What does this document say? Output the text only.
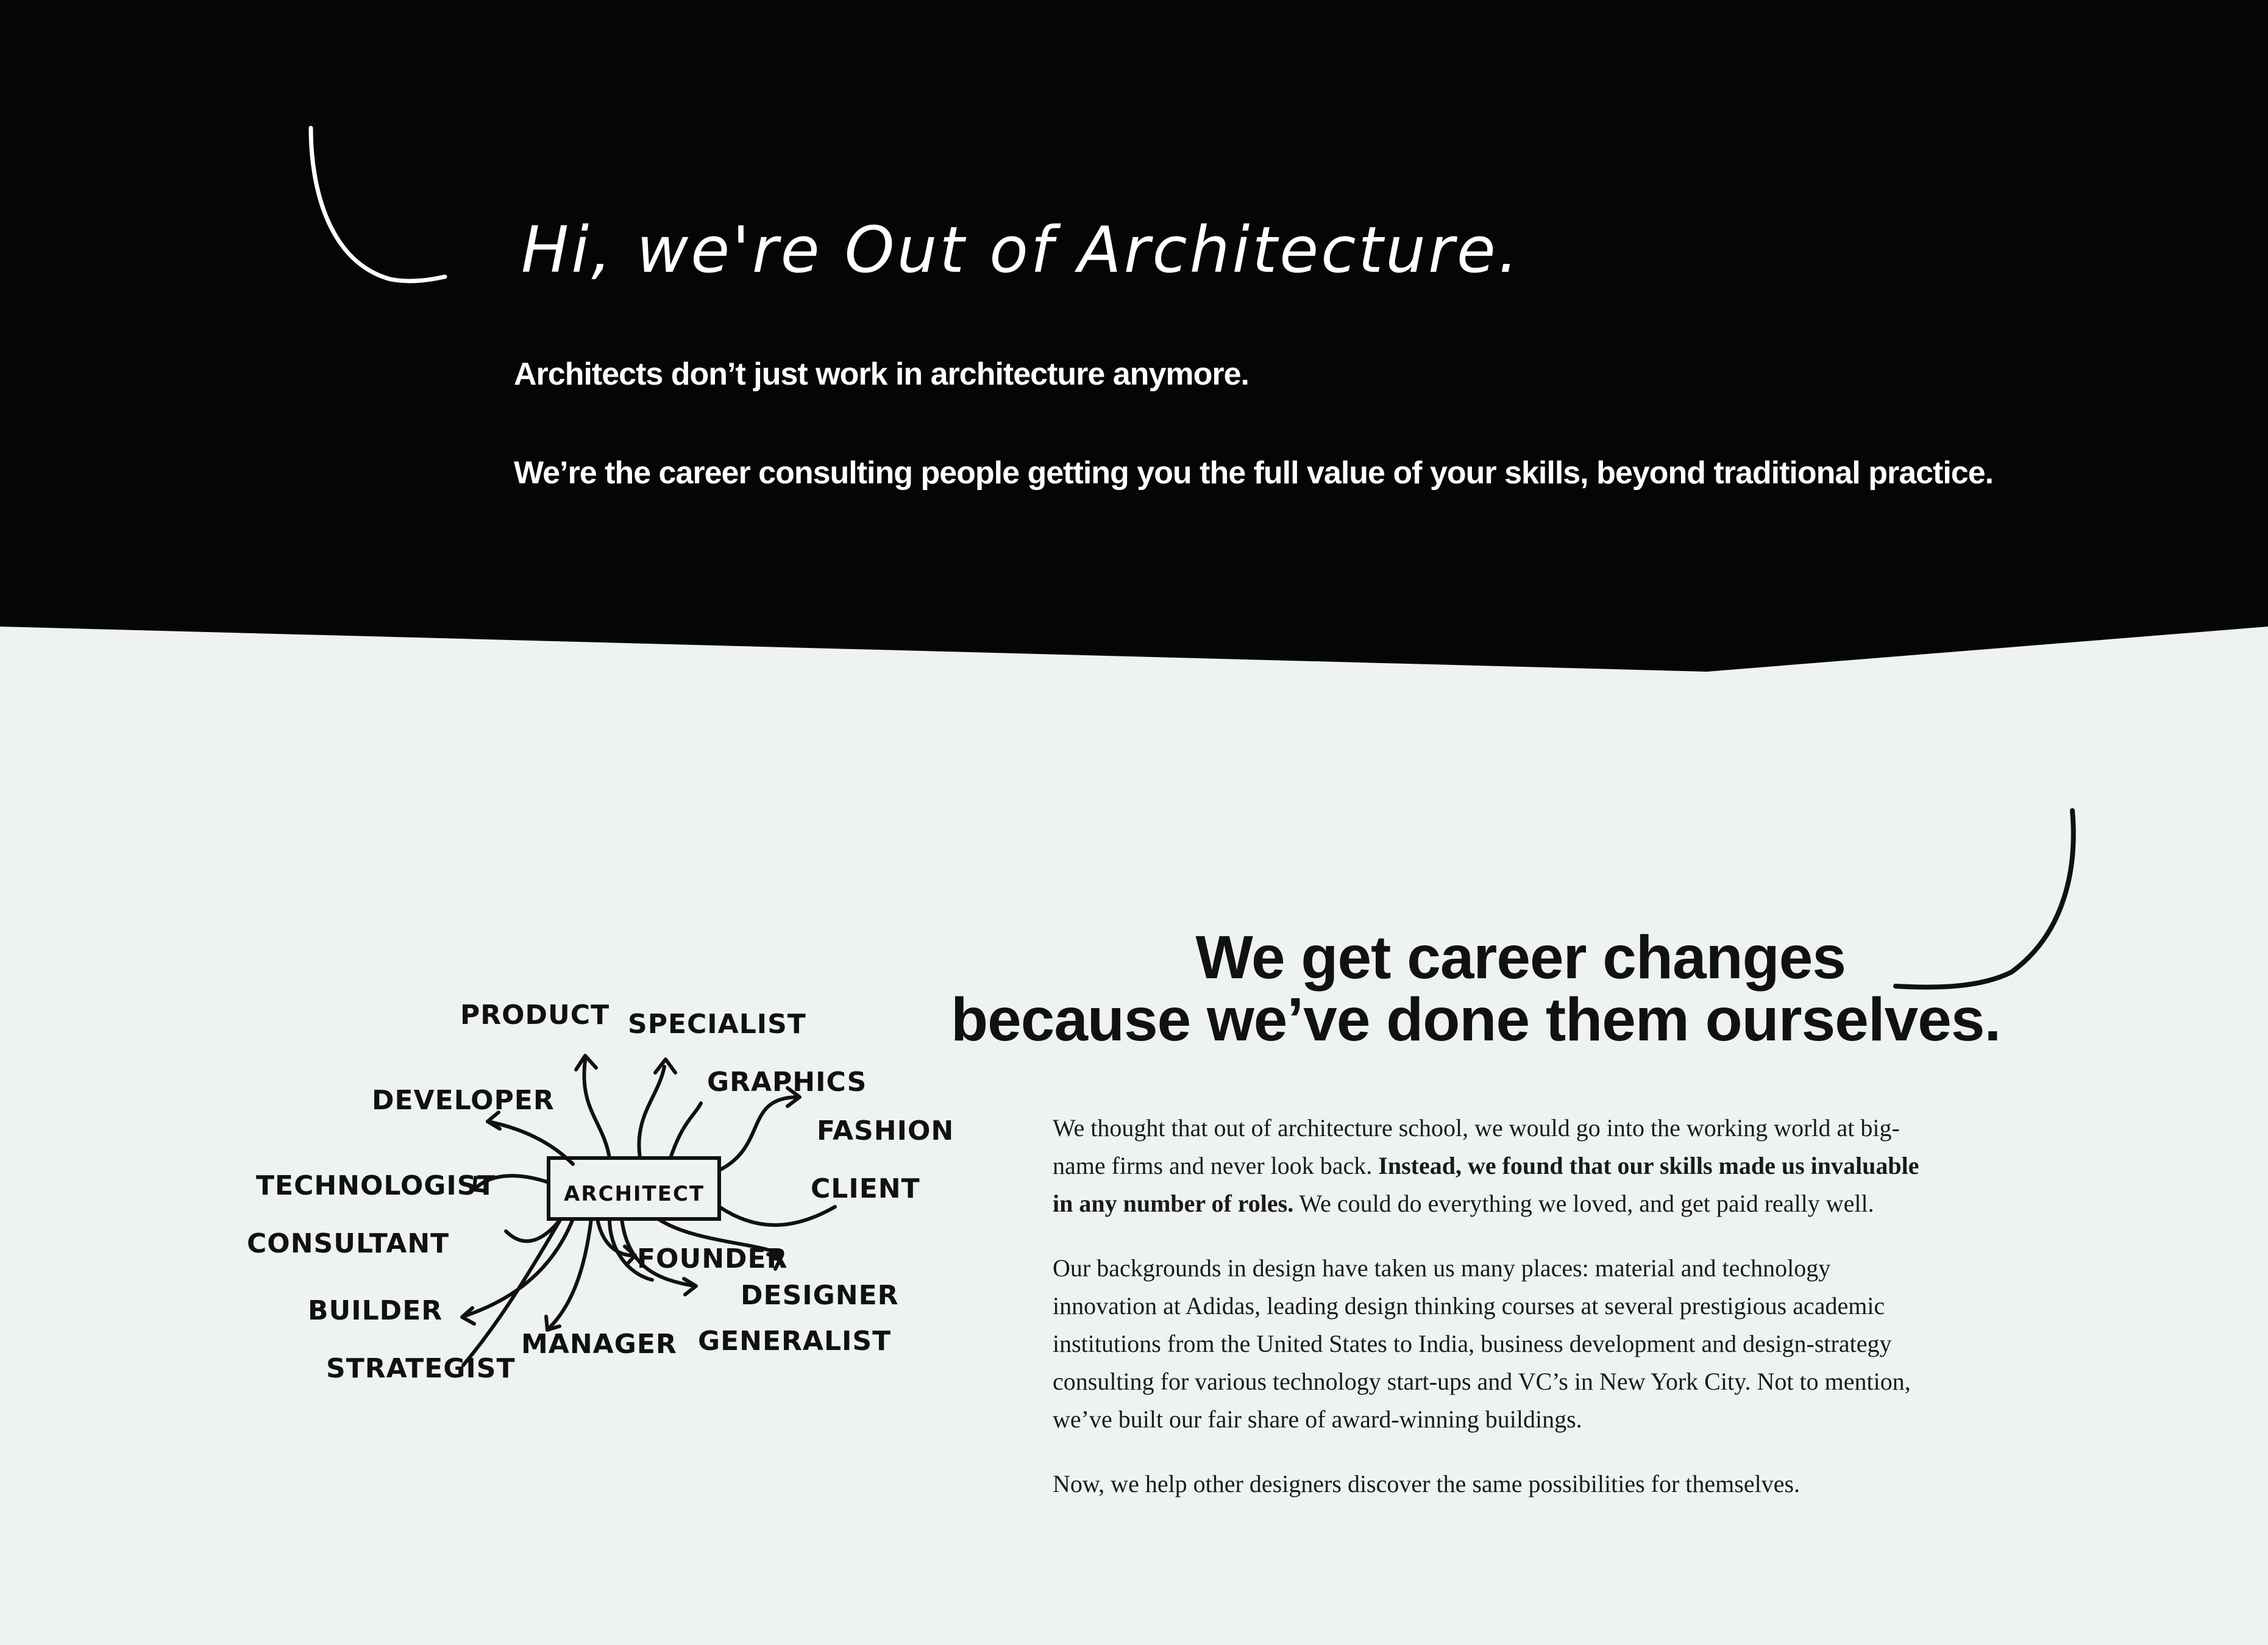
Hi, we're Out of Architecture.

Architects don’t just work in architecture anymore.

We’re the career consulting people getting you the full value of your skills, beyond traditional practice.

ARCHITECT
PRODUCT SPECIALIST
GRAPHICS
DEVELOPER
FASHION
TECHNOLOGIST	CLIENT
CONSULTANT	FOUNDER
DESIGNER
BUILDER
MANAGER GENERALIST
STRATEGIST
We get career changes
because we’ve done them ourselves.

We thought that out of architecture school, we would go into the working world at big-name firms and never look back. Instead, we found that our skills made us invaluable in any number of roles. We could do everything we loved, and get paid really well.

Our backgrounds in design have taken us many places: material and technology innovation at Adidas, leading design thinking courses at several prestigious academic institutions from the United States to India, business development and design-strategy consulting for various technology start-ups and VC’s in New York City. Not to mention, we’ve built our fair share of award-winning buildings.

Now, we help other designers discover the same possibilities for themselves.
